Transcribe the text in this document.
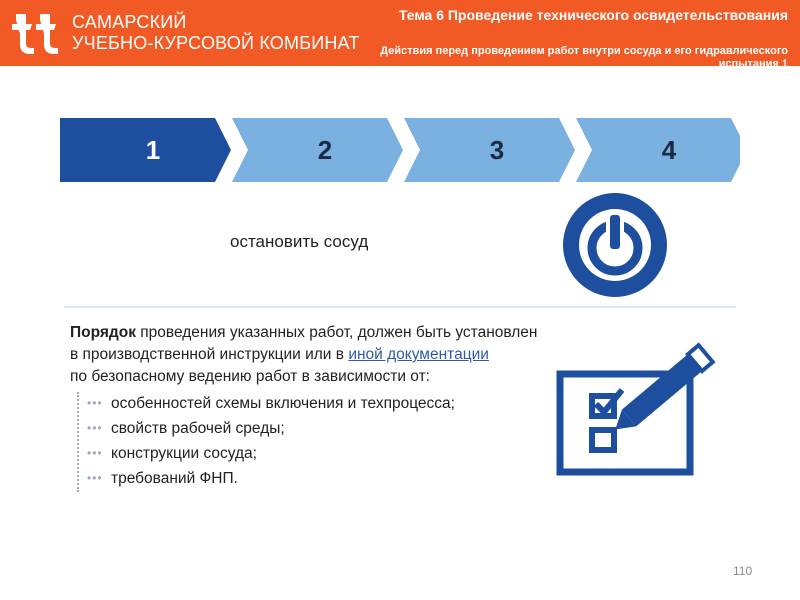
САМАРСКИЙ
УЧЕБНО-КУРСОВОЙ КОМБИНАТ
Тема 6 Проведение технического освидетельствования
Действия перед проведением работ внутри сосуда и его гидравлического испытания 1
1	2	3	4
остановить сосуд
Порядок проведения указанных работ, должен быть установлен
в производственной инструкции или в иной документации
по безопасному ведению работ в зависимости от:
••• особенностей схемы включения и техпроцесса;
••• свойств рабочей среды;
••• конструкции сосуда;
••• требований ФНП.
110
